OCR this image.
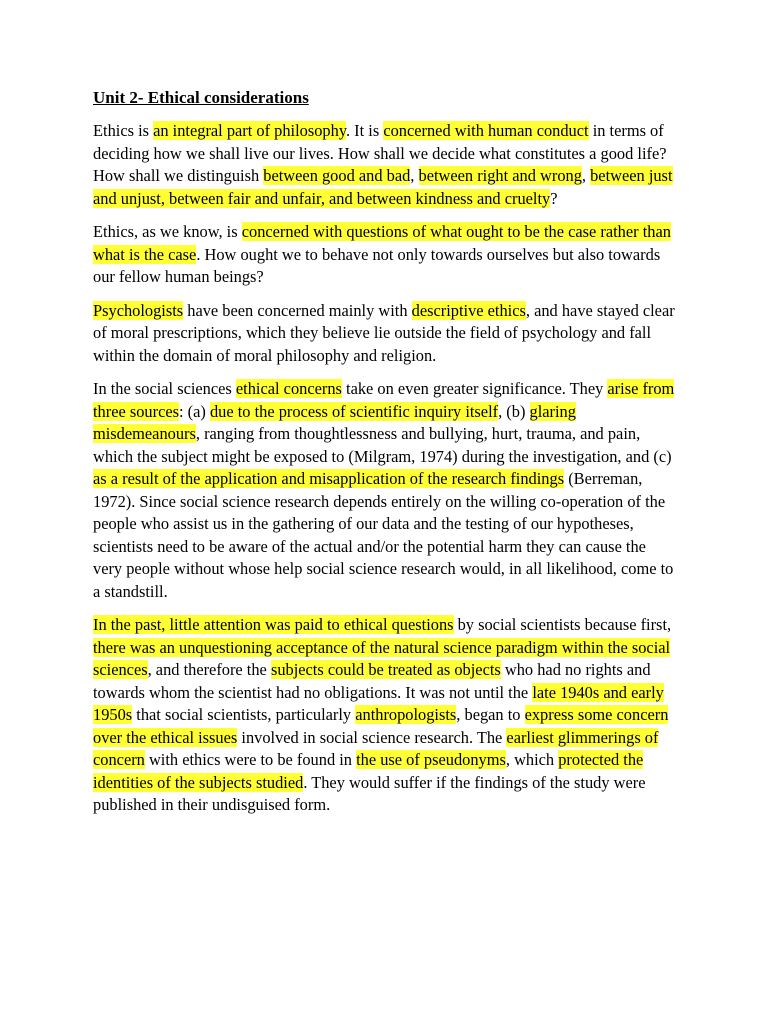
Unit 2- Ethical considerations

Ethics is an integral part of philosophy. It is concerned with human conduct in terms of deciding how we shall live our lives. How shall we decide what constitutes a good life? How shall we distinguish between good and bad, between right and wrong, between just and unjust, between fair and unfair, and between kindness and cruelty?

Ethics, as we know, is concerned with questions of what ought to be the case rather than what is the case. How ought we to behave not only towards ourselves but also towards our fellow human beings?

Psychologists have been concerned mainly with descriptive ethics, and have stayed clear of moral prescriptions, which they believe lie outside the field of psychology and fall within the domain of moral philosophy and religion.

In the social sciences ethical concerns take on even greater significance. They arise from three sources: (a) due to the process of scientific inquiry itself, (b) glaring misdemeanours, ranging from thoughtlessness and bullying, hurt, trauma, and pain, which the subject might be exposed to (Milgram, 1974) during the investigation, and (c) as a result of the application and misapplication of the research findings (Berreman, 1972). Since social science research depends entirely on the willing co-operation of the people who assist us in the gathering of our data and the testing of our hypotheses, scientists need to be aware of the actual and/or the potential harm they can cause the very people without whose help social science research would, in all likelihood, come to a standstill.

In the past, little attention was paid to ethical questions by social scientists because first, there was an unquestioning acceptance of the natural science paradigm within the social sciences, and therefore the subjects could be treated as objects who had no rights and towards whom the scientist had no obligations. It was not until the late 1940s and early 1950s that social scientists, particularly anthropologists, began to express some concern over the ethical issues involved in social science research. The earliest glimmerings of concern with ethics were to be found in the use of pseudonyms, which protected the identities of the subjects studied. They would suffer if the findings of the study were published in their undisguised form.
